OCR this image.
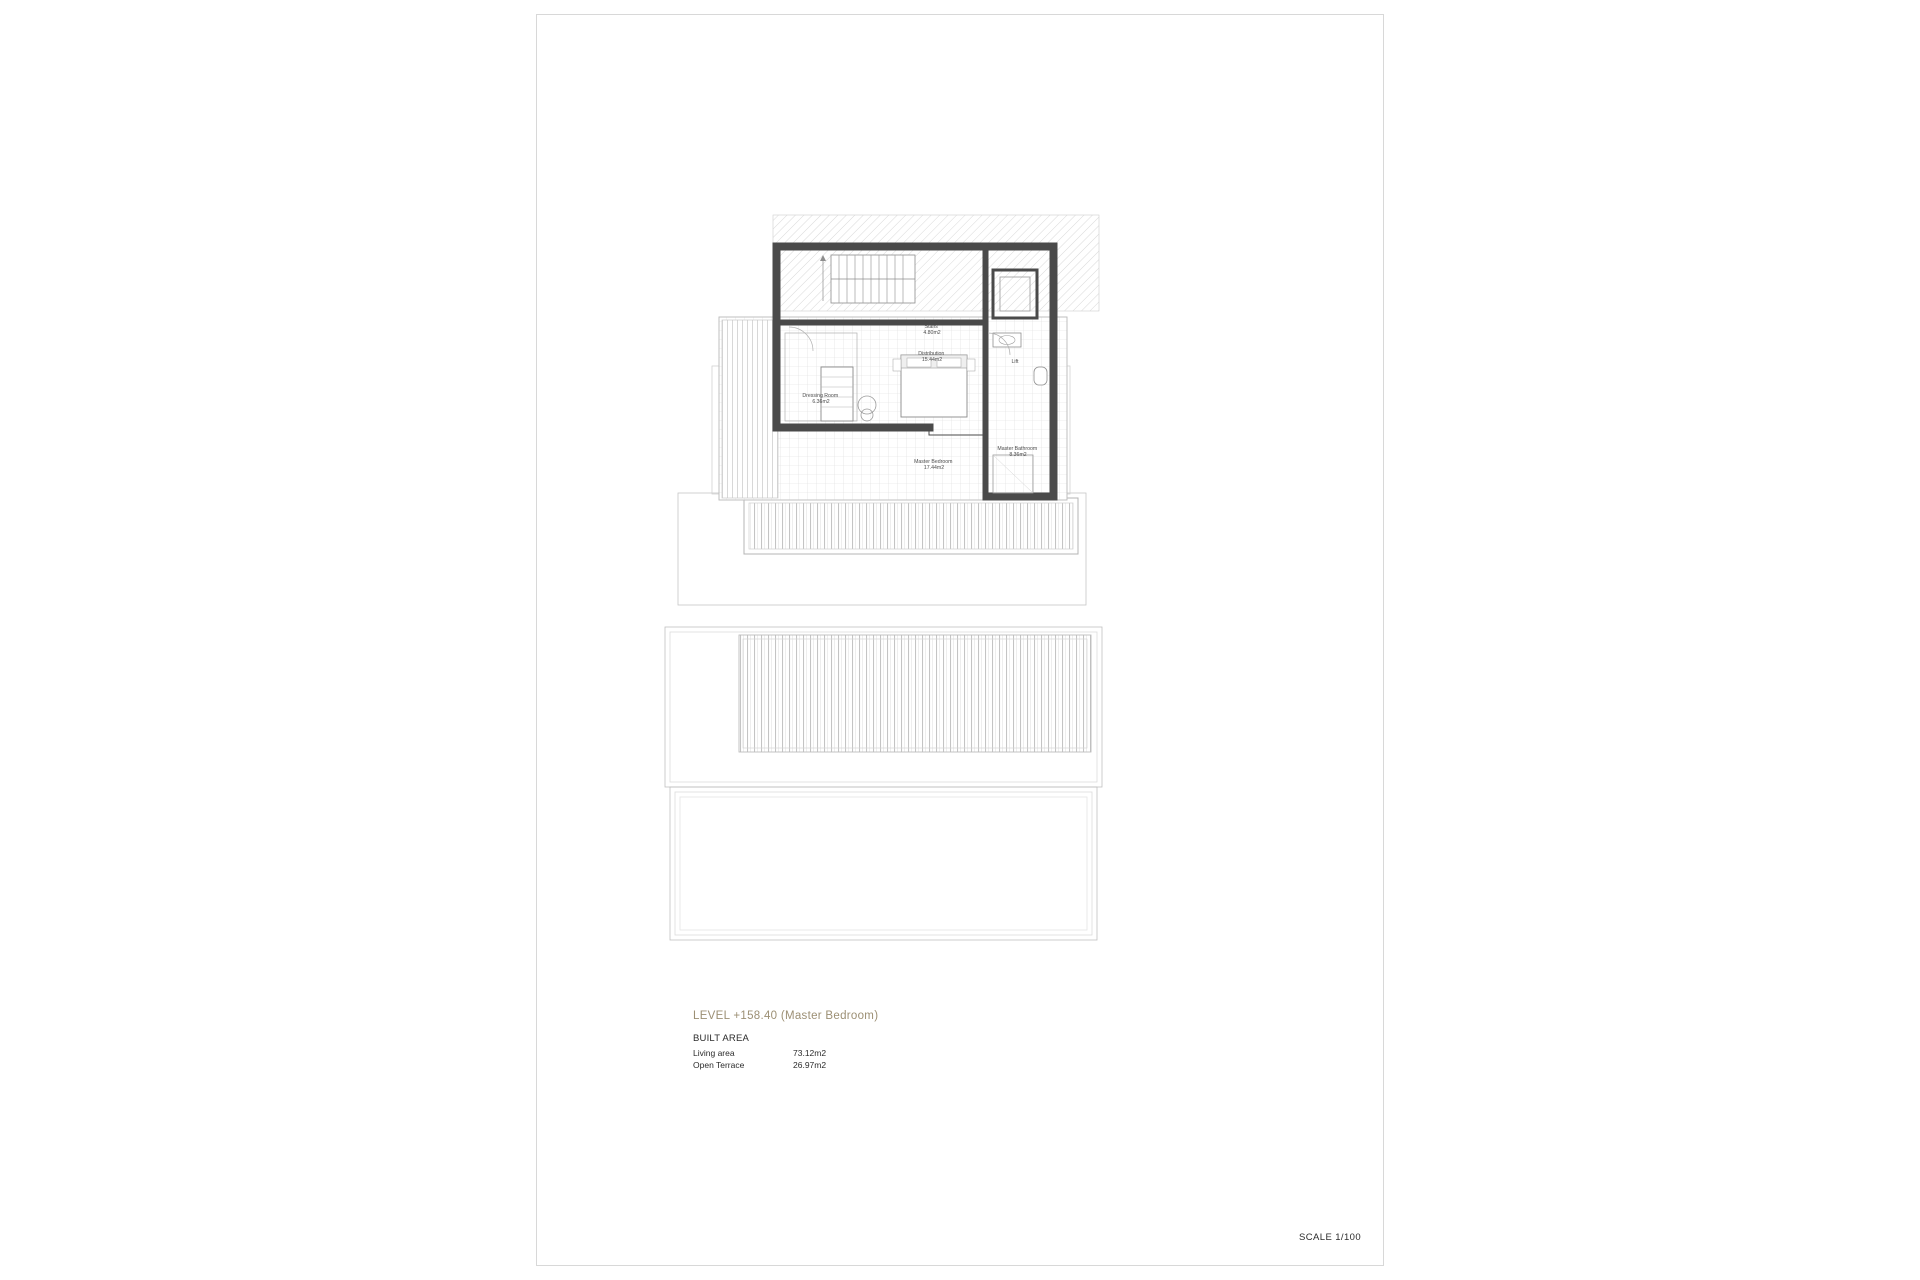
Stairs 4.80m2
Distribution 15.44m2	Lift
Dressing Room 6.36m2
Master Bedroom 17.44m2
Master Bathroom 8.36m2
LEVEL +158.40 (Master Bedroom)
BUILT AREA
Living area	73.12m2
Open Terrace	26.97m2
SCALE 1/100
